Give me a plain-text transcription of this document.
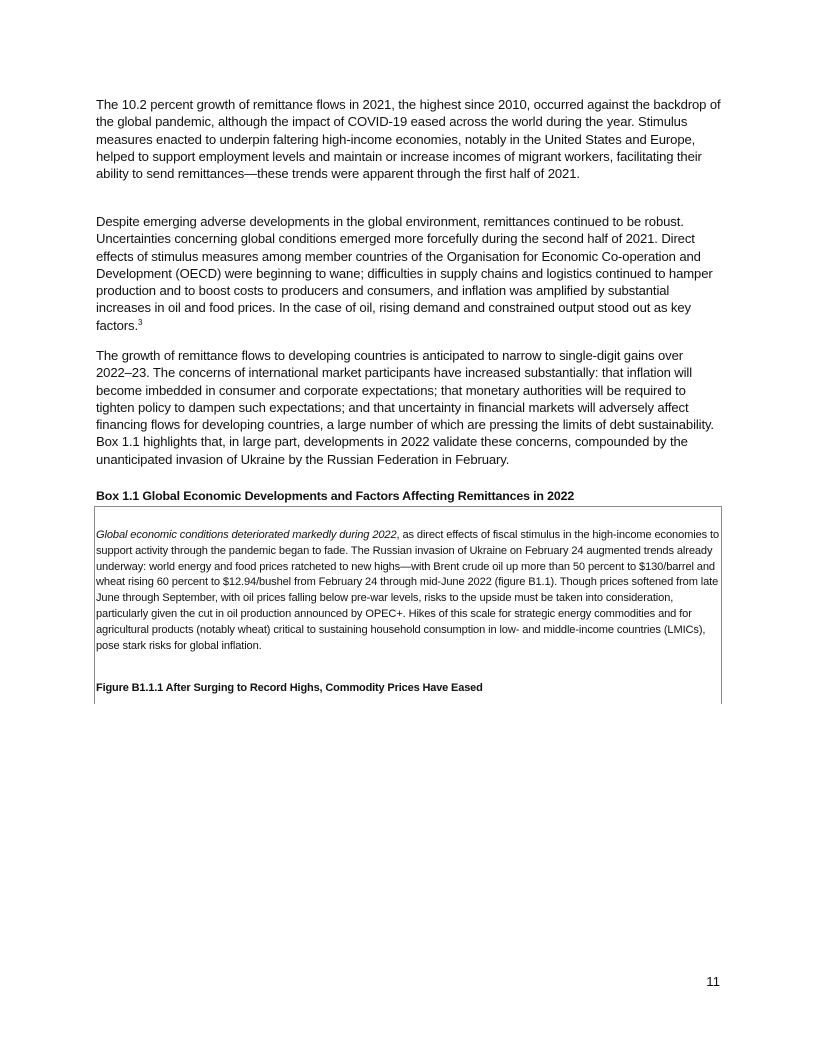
The 10.2 percent growth of remittance flows in 2021, the highest since 2010, occurred against the backdrop of the global pandemic, although the impact of COVID-19 eased across the world during the year. Stimulus measures enacted to underpin faltering high-income economies, notably in the United States and Europe, helped to support employment levels and maintain or increase incomes of migrant workers, facilitating their ability to send remittances—these trends were apparent through the first half of 2021.

Despite emerging adverse developments in the global environment, remittances continued to be robust. Uncertainties concerning global conditions emerged more forcefully during the second half of 2021. Direct effects of stimulus measures among member countries of the Organisation for Economic Co-operation and Development (OECD) were beginning to wane; difficulties in supply chains and logistics continued to hamper production and to boost costs to producers and consumers, and inflation was amplified by substantial increases in oil and food prices. In the case of oil, rising demand and constrained output stood out as key factors.$^3$

The growth of remittance flows to developing countries is anticipated to narrow to single-digit gains over 2022–23. The concerns of international market participants have increased substantially: that inflation will become imbedded in consumer and corporate expectations; that monetary authorities will be required to tighten policy to dampen such expectations; and that uncertainty in financial markets will adversely affect financing flows for developing countries, a large number of which are pressing the limits of debt sustainability. Box 1.1 highlights that, in large part, developments in 2022 validate these concerns, compounded by the unanticipated invasion of Ukraine by the Russian Federation in February.

Box 1.1 Global Economic Developments and Factors Affecting Remittances in 2022

Global economic conditions deteriorated markedly during 2022, as direct effects of fiscal stimulus in the high-income economies to support activity through the pandemic began to fade. The Russian invasion of Ukraine on February 24 augmented trends already underway: world energy and food prices ratcheted to new highs—with Brent crude oil up more than 50 percent to $130/barrel and wheat rising 60 percent to $12.94/bushel from February 24 through mid-June 2022 (figure B1.1). Though prices softened from late June through September, with oil prices falling below pre-war levels, risks to the upside must be taken into consideration, particularly given the cut in oil production announced by OPEC+. Hikes of this scale for strategic energy commodities and for agricultural products (notably wheat) critical to sustaining household consumption in low- and middle-income countries (LMICs), pose stark risks for global inflation.

Figure B1.1.1 After Surging to Record Highs, Commodity Prices Have Eased

11
